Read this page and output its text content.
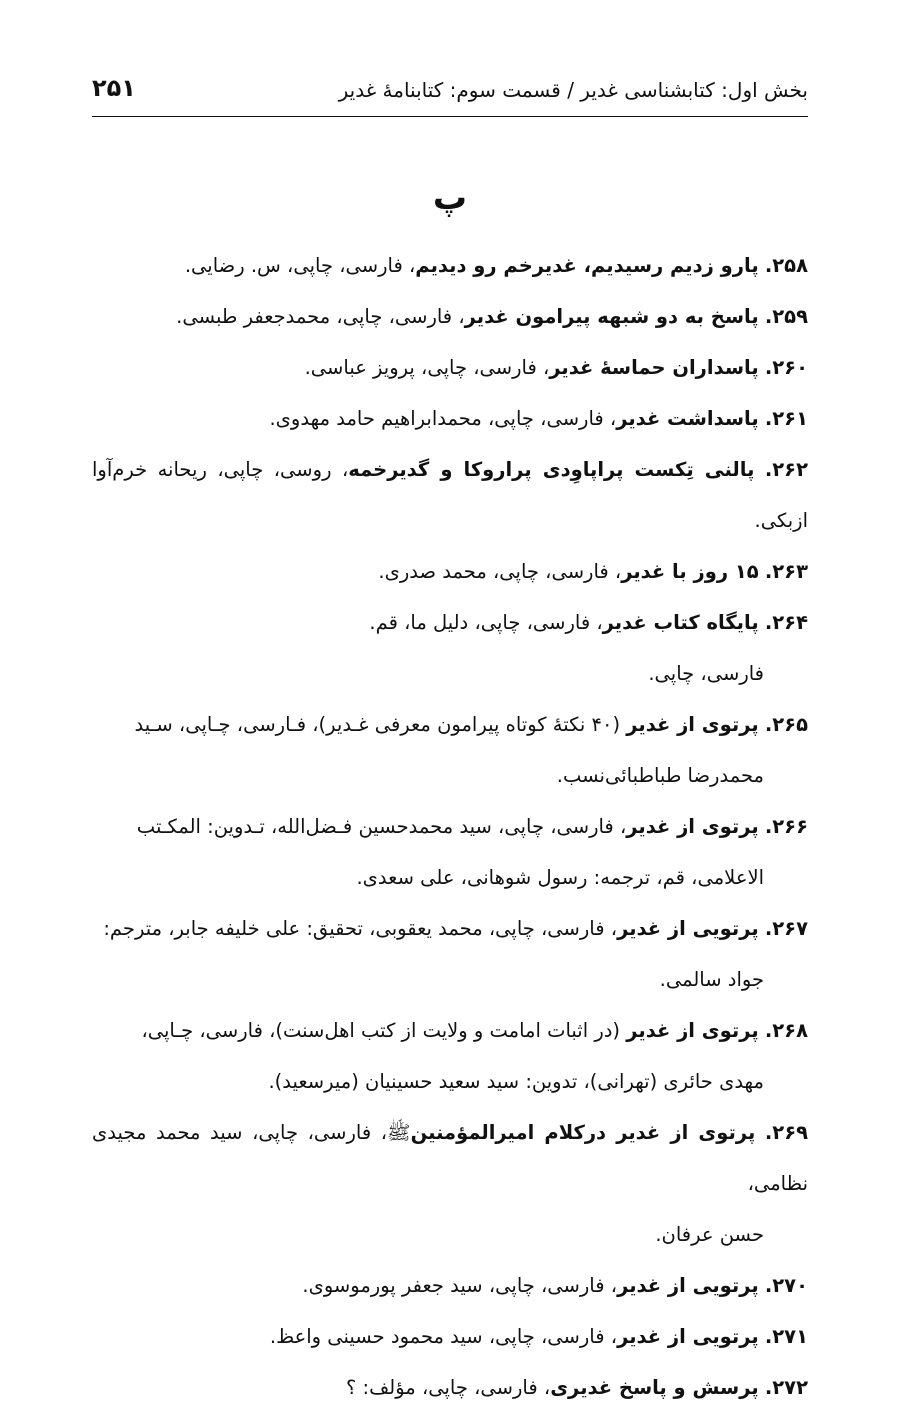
بخش اول: کتابشناسی غدیر / قسمت سوم: کتابنامهٔ غدیر
۲۵۱
پ

۲۵۸. پارو زدیم رسیدیم، غدیرخم رو دیدیم، فارسی، چاپی، س. رضایی.

۲۵۹. پاسخ به دو شبهه پیرامون غدیر، فارسی، چاپی، محمدجعفر طبسی.

۲۶۰. پاسداران حماسهٔ غدیر، فارسی، چاپی، پرویز عباسی.

۲۶۱. پاسداشت غدیر، فارسی، چاپی، محمدابراهیم حامد مهدوی.

۲۶۲. پالنی تِکست پراپاوِدی پراروکا و گدیرخمه، روسی، چاپی، ریحانه خرم‌آوا ازبکی.

۲۶۳. ۱۵ روز با غدیر، فارسی، چاپی، محمد صدری.

۲۶۴. پایگاه کتاب غدیر، فارسی، چاپی، دلیل ما، قم.

فارسی، چاپی.

۲۶۵. پرتوی از غدیر (۴۰ نکتهٔ کوتاه پیرامون معرفی غـدیر)، فـارسی، چـاپی، سـید
محمدرضا طباطبائی‌نسب.

۲۶۶. پرتوی از غدیر، فارسی، چاپی، سید محمدحسین فـضل‌الله، تـدوین: المکـتب
الاعلامی، قم، ترجمه: رسول شوهانی، علی سعدی.

۲۶۷. پرتویی از غدیر، فارسی، چاپی، محمد یعقوبی، تحقیق: علی خلیفه جابر، مترجم:
جواد سالمی.

۲۶۸. پرتوی از غدیر (در اثبات امامت و ولایت از کتب اهل‌سنت)، فارسی، چـاپی،
مهدی حائری (تهرانی)، تدوین: سید سعید حسینیان (میرسعید).

۲۶۹. پرتوی از غدیر درکلام امیرالمؤمنینﷺ، فارسی، چاپی، سید محمد مجیدی نظامی،
حسن عرفان.

۲۷۰. پرتویی از غدیر، فارسی، چاپی، سید جعفر پورموسوی.

۲۷۱. پرتویی از غدیر، فارسی، چاپی، سید محمود حسینی واعظ.

۲۷۲. پرسش و پاسخ غدیری، فارسی، چاپی، مؤلف: ؟
